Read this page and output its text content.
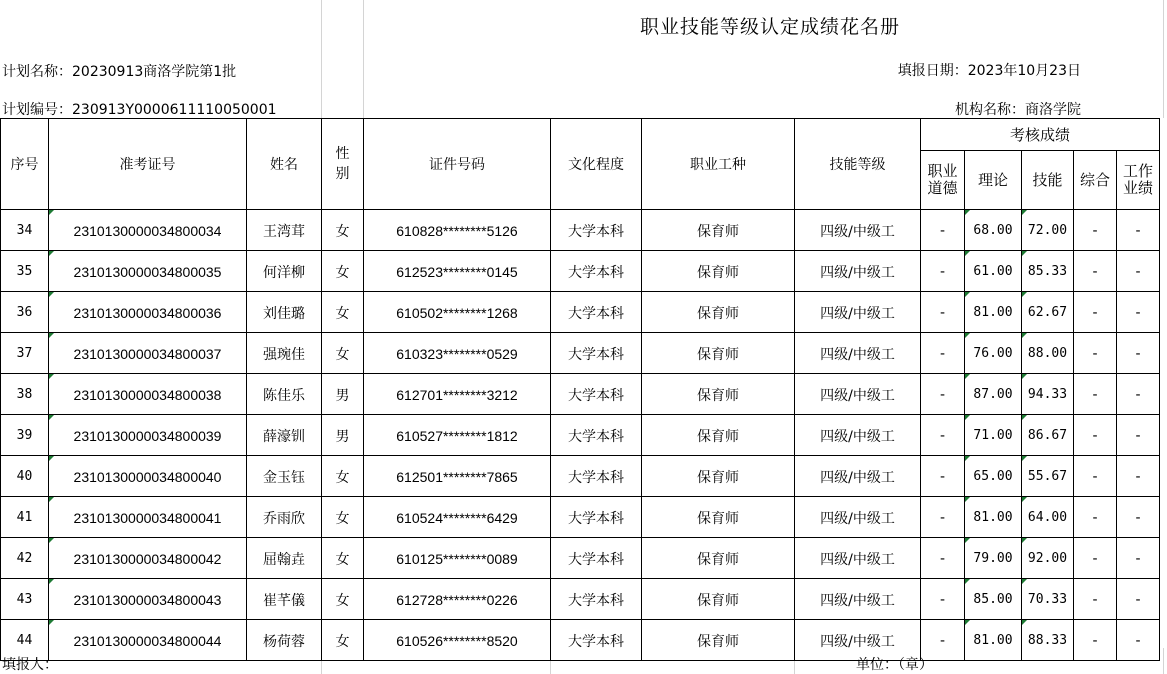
职业技能等级认定成绩花名册
计划名称：20230913商洛学院第1批
计划编号：230913Y0000611110050001
填报日期：2023年10月23日
机构名称：商洛学院
序号	准考证号	姓名	性别	证件号码	文化程度	职业工种	技能等级	考核成绩				

								职业道德	理论	技能	综合	工作业绩

34	2310130000034800034	王湾茸	女	610828********5126	大学本科	保育师	四级/中级工	-	68.00	72.00	-	-
35	2310130000034800035	何洋柳	女	612523********0145	大学本科	保育师	四级/中级工	-	61.00	85.33	-	-
36	2310130000034800036	刘佳璐	女	610502********1268	大学本科	保育师	四级/中级工	-	81.00	62.67	-	-
37	2310130000034800037	强琬佳	女	610323********0529	大学本科	保育师	四级/中级工	-	76.00	88.00	-	-
38	2310130000034800038	陈佳乐	男	612701********3212	大学本科	保育师	四级/中级工	-	87.00	94.33	-	-
39	2310130000034800039	薛濠钏	男	610527********1812	大学本科	保育师	四级/中级工	-	71.00	86.67	-	-
40	2310130000034800040	金玉钰	女	612501********7865	大学本科	保育师	四级/中级工	-	65.00	55.67	-	-
41	2310130000034800041	乔雨欣	女	610524********6429	大学本科	保育师	四级/中级工	-	81.00	64.00	-	-
42	2310130000034800042	屈翰垚	女	610125********0089	大学本科	保育师	四级/中级工	-	79.00	92.00	-	-
43	2310130000034800043	崔芊儀	女	612728********0226	大学本科	保育师	四级/中级工	-	85.00	70.33	-	-
44	2310130000034800044	杨荷蓉	女	610526********8520	大学本科	保育师	四级/中级工	-	81.00	88.33	-	-
填报人：	单位：（章）
